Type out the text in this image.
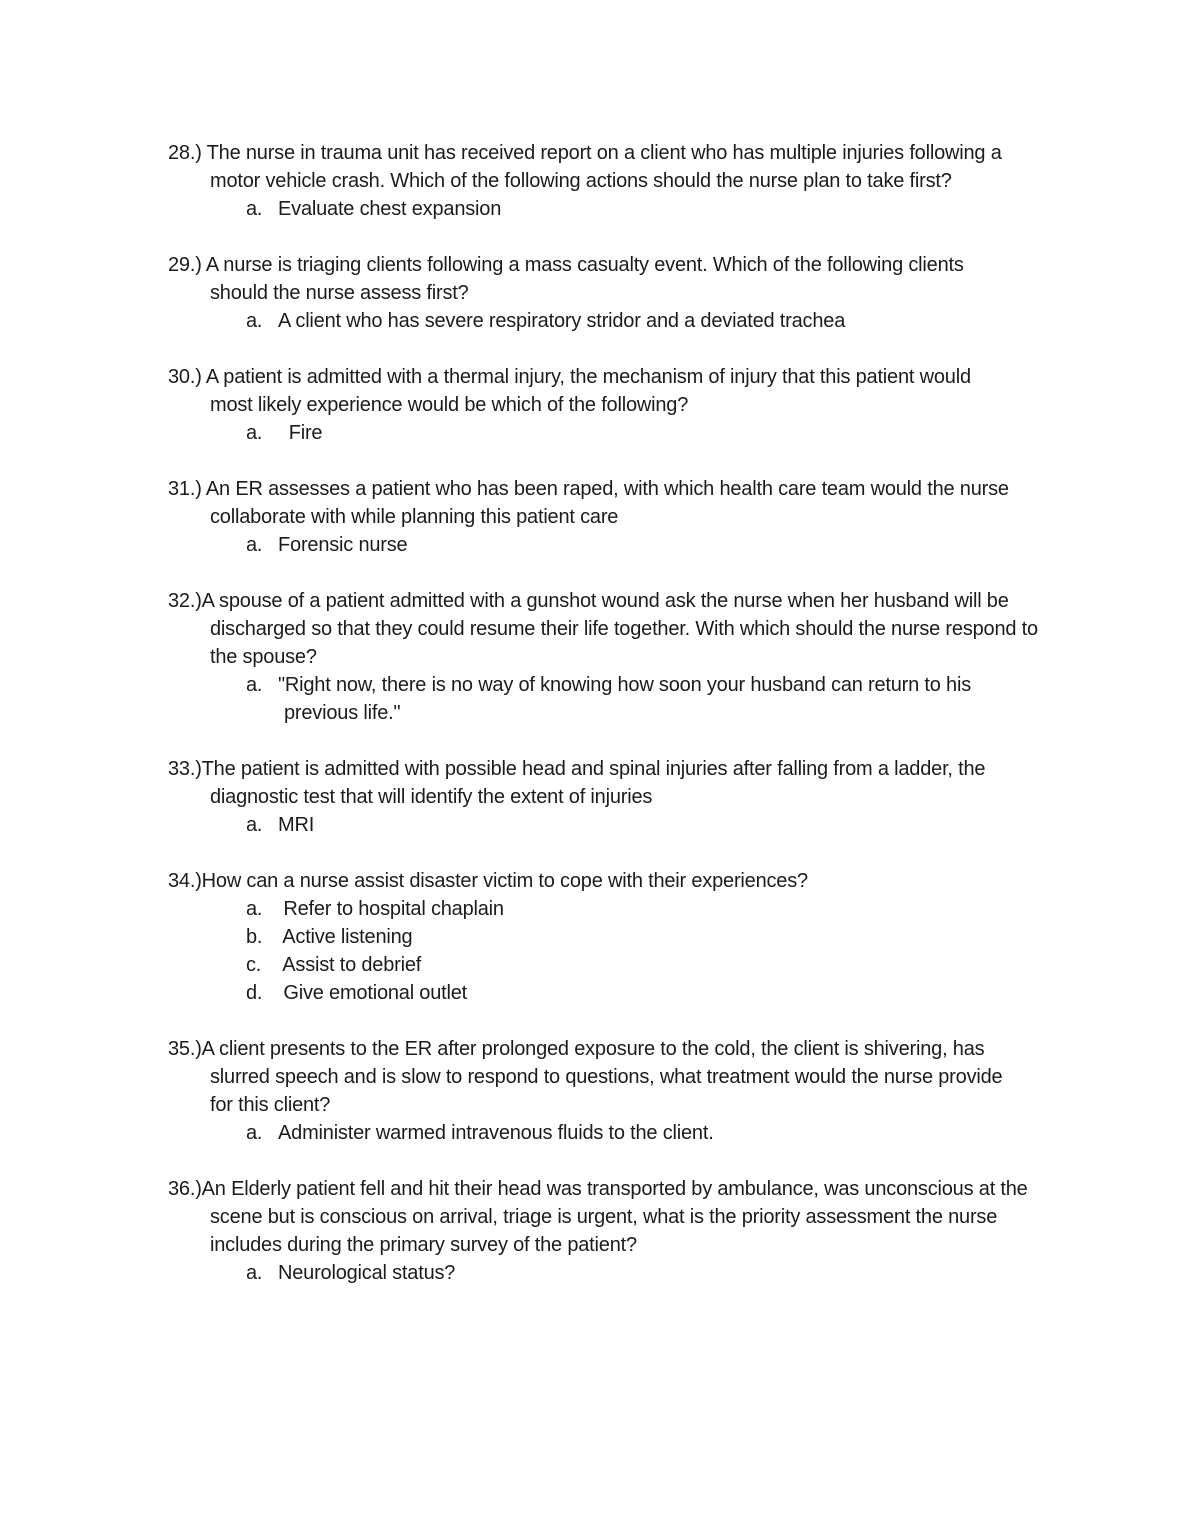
28.) The nurse in trauma unit has received report on a client who has multiple injuries following a
motor vehicle crash. Which of the following actions should the nurse plan to take first?
a. Evaluate chest expansion
29.) A nurse is triaging clients following a mass casualty event. Which of the following clients
should the nurse assess first?
a. A client who has severe respiratory stridor and a deviated trachea
30.) A patient is admitted with a thermal injury, the mechanism of injury that this patient would
most likely experience would be which of the following?
a.  Fire
31.) An ER assesses a patient who has been raped, with which health care team would the nurse
collaborate with while planning this patient care
a. Forensic nurse
32.)A spouse of a patient admitted with a gunshot wound ask the nurse when her husband will be
discharged so that they could resume their life together. With which should the nurse respond to
the spouse?
a. "Right now, there is no way of knowing how soon your husband can return to his
previous life."
33.)The patient is admitted with possible head and spinal injuries after falling from a ladder, the
diagnostic test that will identify the extent of injuries
a. MRI
34.)How can a nurse assist disaster victim to cope with their experiences?
a. Refer to hospital chaplain
b. Active listening
c. Assist to debrief
d. Give emotional outlet
35.)A client presents to the ER after prolonged exposure to the cold, the client is shivering, has
slurred speech and is slow to respond to questions, what treatment would the nurse provide
for this client?
a. Administer warmed intravenous fluids to the client.
36.)An Elderly patient fell and hit their head was transported by ambulance, was unconscious at the
scene but is conscious on arrival, triage is urgent, what is the priority assessment the nurse
includes during the primary survey of the patient?
a. Neurological status?
